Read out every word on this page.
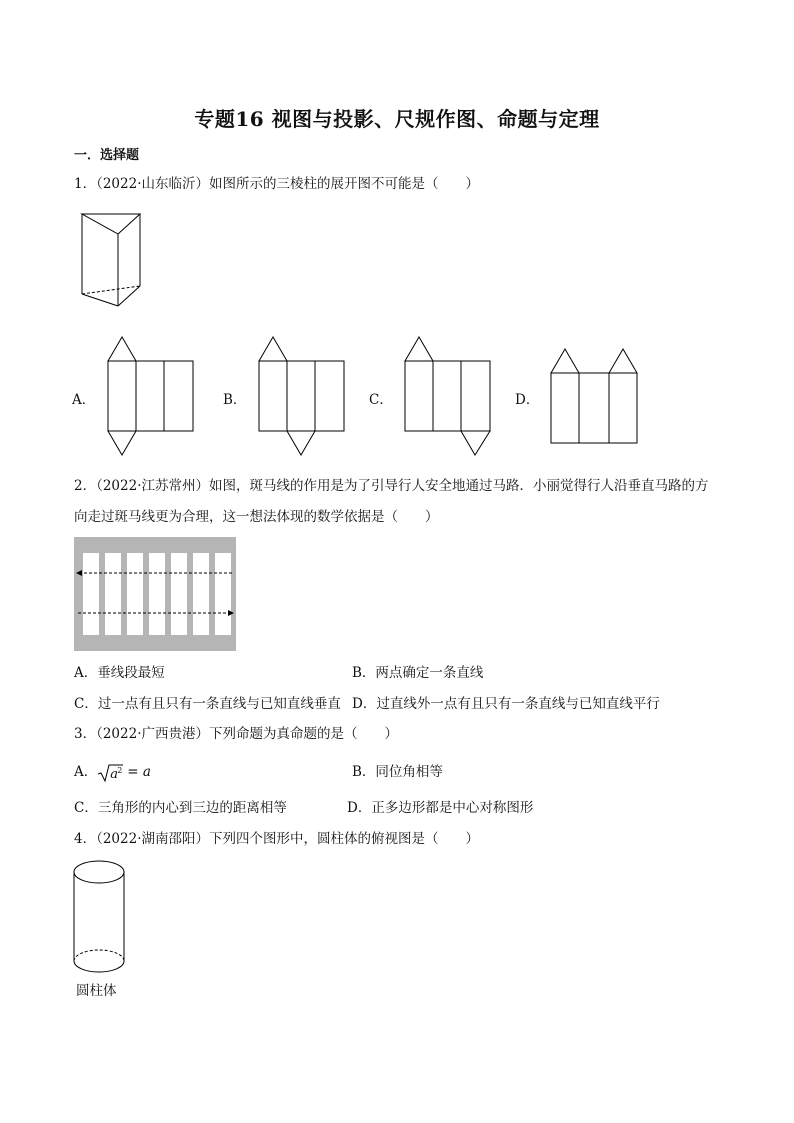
专题16 视图与投影、尺规作图、命题与定理
一．选择题
1．（2022·山东临沂）如图所示的三棱柱的展开图不可能是（　　）
A．	B．	C．	D．
2．（2022·江苏常州）如图，斑马线的作用是为了引导行人安全地通过马路．小丽觉得行人沿垂直马路的方
向走过斑马线更为合理，这一想法体现的数学依据是（　　）
A．垂线段最短	B．两点确定一条直线
C．过一点有且只有一条直线与已知直线垂直 D．过直线外一点有且只有一条直线与已知直线平行
3．（2022·广西贵港）下列命题为真命题的是（　　）
A． a 2 = a	B．同位角相等
C．三角形的内心到三边的距离相等	D．正多边形都是中心对称图形
4．（2022·湖南邵阳）下列四个图形中，圆柱体的俯视图是（　　）
圆柱体
